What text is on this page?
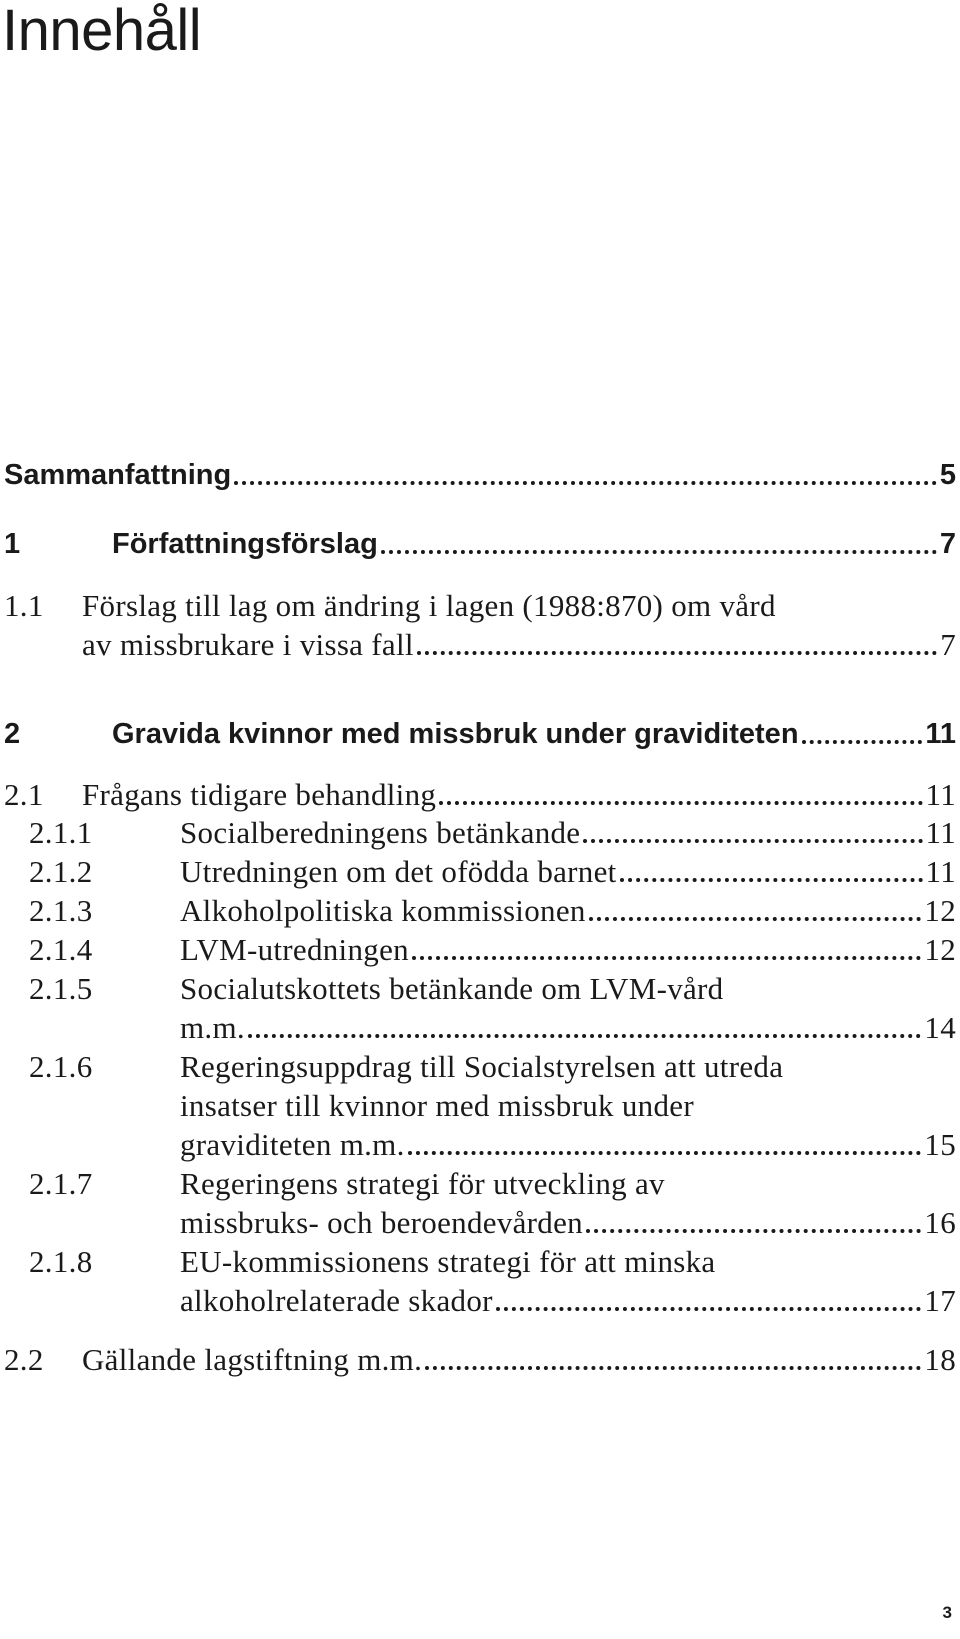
Innehåll
Sammanfattning	5
1	Författningsförslag	7
1.1 Förslag till lag om ändring i lagen (1988:870) om vård
av missbrukare i vissa fall	7
2	Gravida kvinnor med missbruk under graviditeten	11
2.1 Frågans tidigare behandling	11
2.1.1	Socialberedningens betänkande	11
2.1.2	Utredningen om det ofödda barnet	11
2.1.3	Alkoholpolitiska kommissionen	12
2.1.4	LVM-utredningen	12
2.1.5	Socialutskottets betänkande om LVM-vård
m.m.	14
2.1.6	Regeringsuppdrag till Socialstyrelsen att utreda
insatser till kvinnor med missbruk under
graviditeten m.m.	15
2.1.7	Regeringens strategi för utveckling av
missbruks- och beroendevården	16
2.1.8	EU-kommissionens strategi för att minska
alkoholrelaterade skador	17
2.2 Gällande lagstiftning m.m.	18
3
